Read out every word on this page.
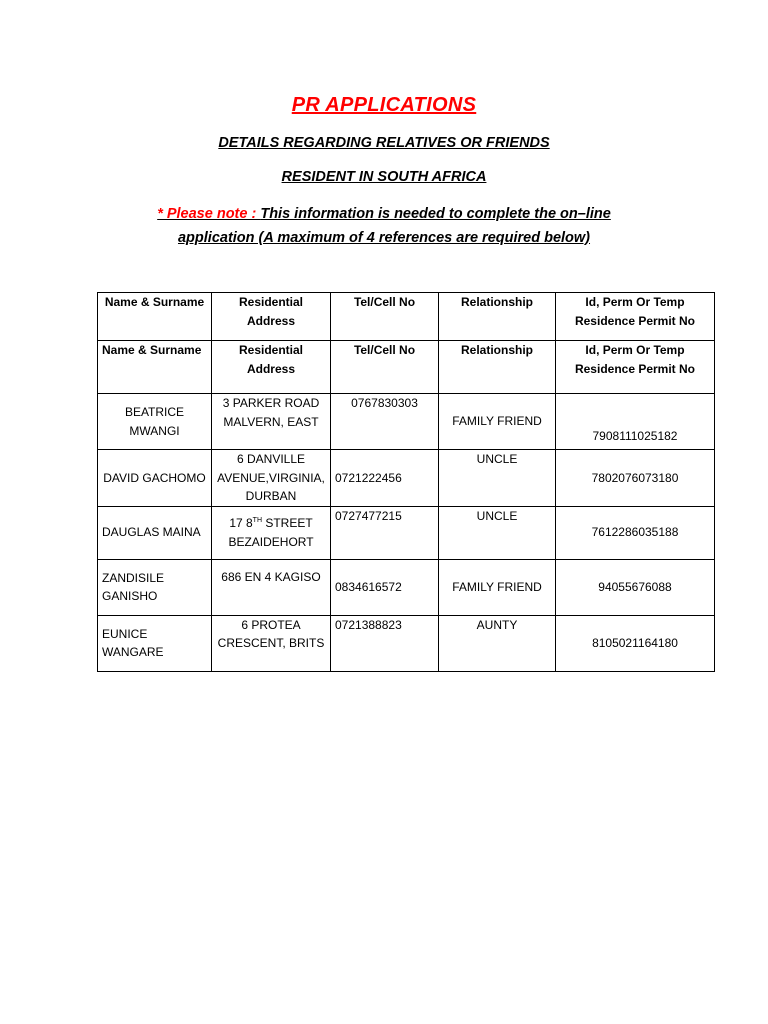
PR APPLICATIONS
DETAILS REGARDING RELATIVES OR FRIENDS
RESIDENT IN SOUTH AFRICA
* Please note : This information is needed to complete the on–line
application (A maximum of 4 references are required below)
Name & Surname	Residential Address	Tel/Cell No	Relationship	Id, Perm Or Temp Residence Permit No
Name & Surname	Residential Address	Tel/Cell No	Relationship	Id, Perm Or Temp Residence Permit No
BEATRICE MWANGI	3 PARKER ROAD MALVERN, EAST	0767830303	FAMILY FRIEND	7908111025182
DAVID GACHOMO	6 DANVILLE AVENUE,VIRGINIA, DURBAN	0721222456	UNCLE	7802076073180
DAUGLAS MAINA	17 8TH STREET BEZAIDEHORT	0727477215	UNCLE	7612286035188
ZANDISILE GANISHO	686 EN 4 KAGISO	0834616572	FAMILY FRIEND	94055676088
EUNICE WANGARE	6 PROTEA CRESCENT, BRITS	0721388823	AUNTY	8105021164180
